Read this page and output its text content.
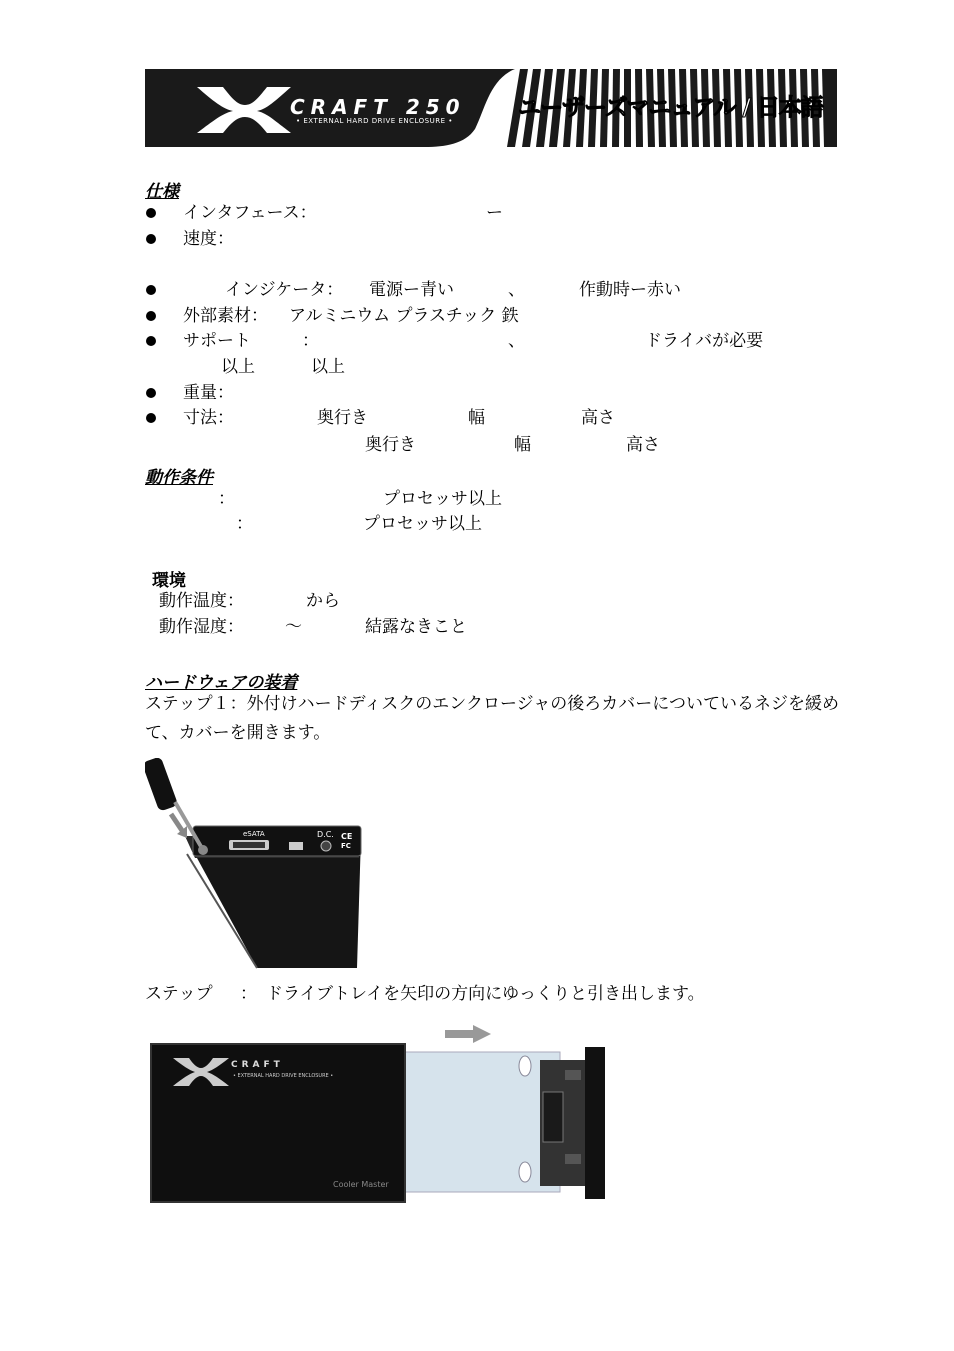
CRAFT 250
• EXTERNAL HARD DRIVE ENCLOSURE •	ユーザーズマニュアル / 日本語
仕様
インタフェース：	ー
速度：
インジケータ： 電源ー青い	、	作動時ー赤い
外部素材： アルミニウム プラスチック 鉄
サポート	：	、	ドライバが必要
以上	以上
重量：
寸法：	奥行き	幅	高さ
奥行き	幅	高さ
動作条件
：	プロセッサ以上
：	プロセッサ以上
環境
動作温度：	から
動作湿度： ～	結露なきこと
ハードウェアの装着
ステップ１：外付けハードディスクのエンクロージャの後ろカバーについているネジを緩めて、カバーを開きます。
eSATA	D.C. CE
FC
ステップ ： ドライブトレイを矢印の方向にゆっくりと引き出します。
CRAFT
• EXTERNAL HARD DRIVE ENCLOSURE •
Cooler Master
